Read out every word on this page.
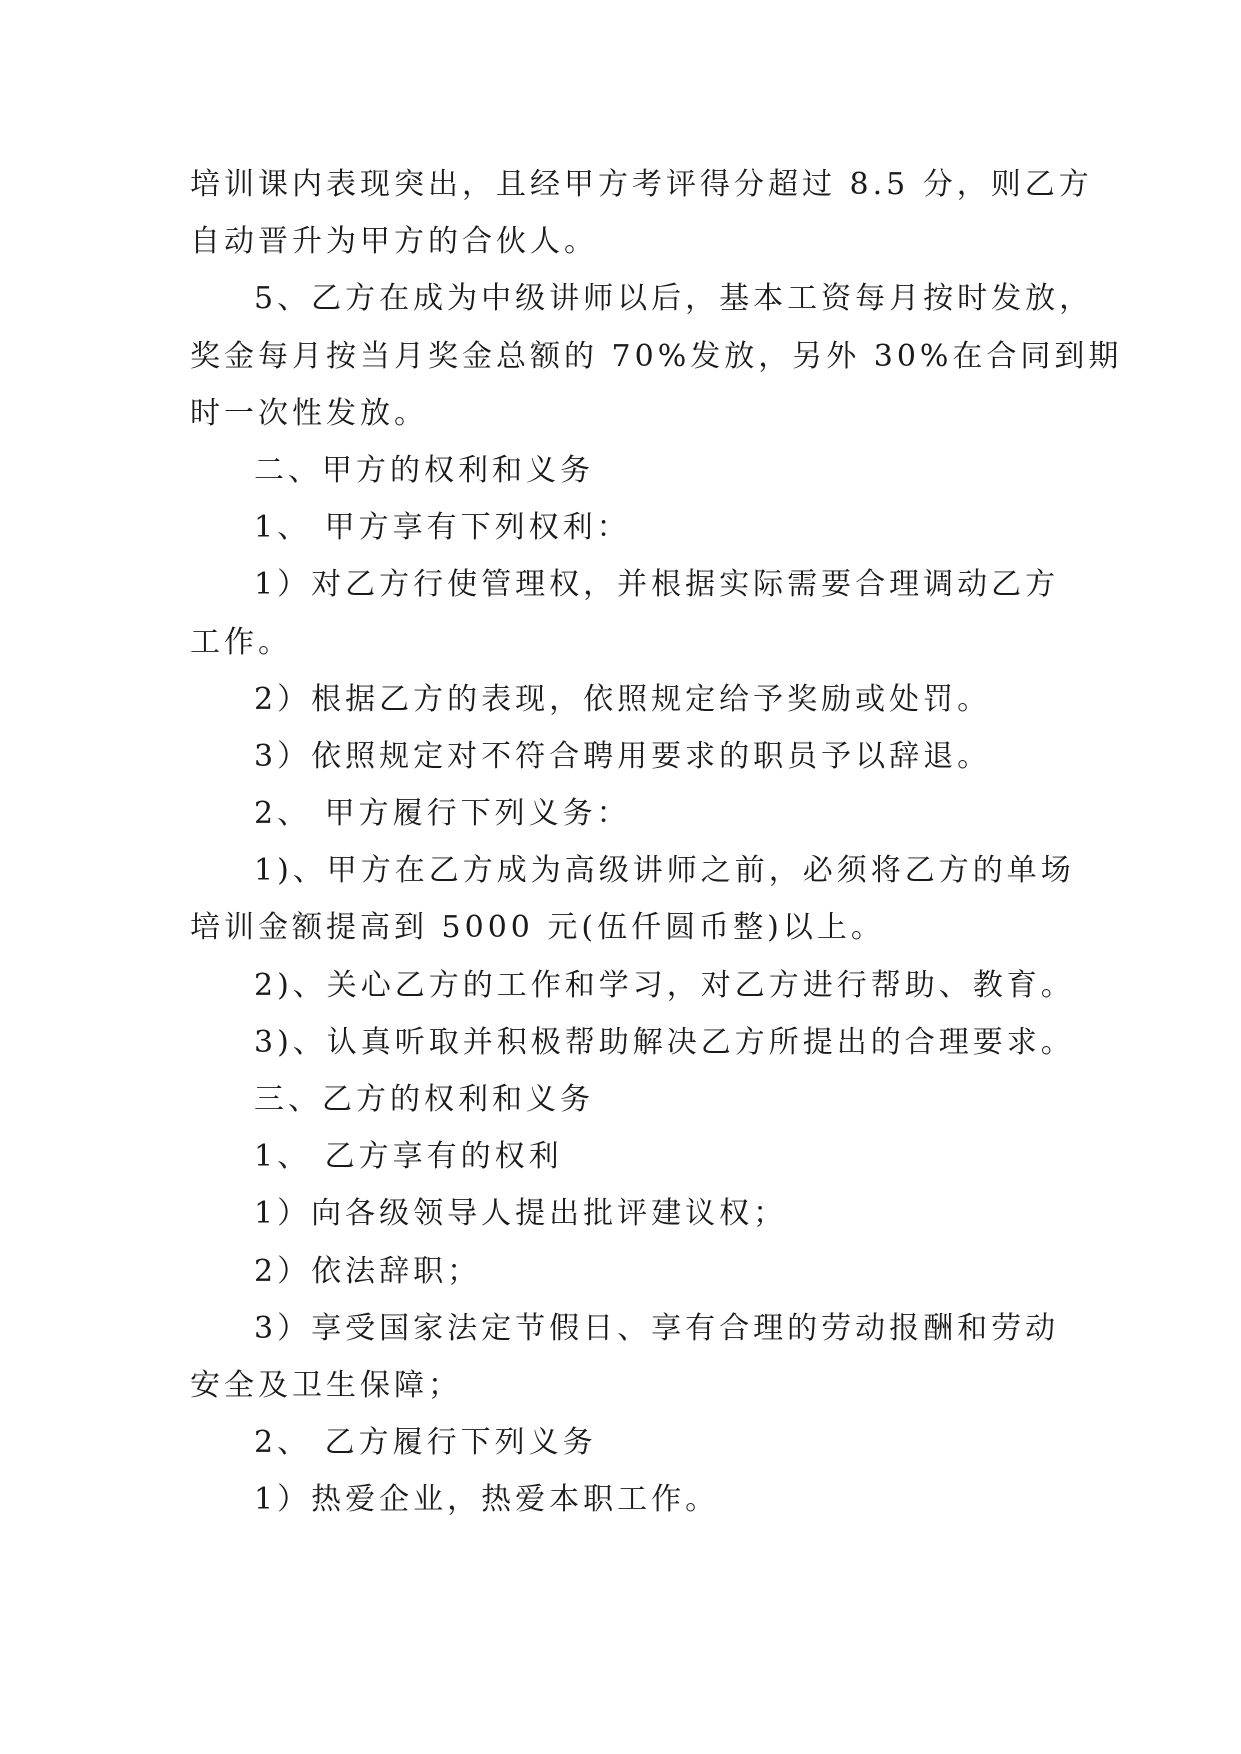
培训课内表现突出，且经甲方考评得分超过 8.5 分，则乙方
自动晋升为甲方的合伙人。
5、乙方在成为中级讲师以后，基本工资每月按时发放，
奖金每月按当月奖金总额的 70%发放，另外 30%在合同到期
时一次性发放。
二、甲方的权利和义务
1、 甲方享有下列权利：
1）对乙方行使管理权，并根据实际需要合理调动乙方
工作。
2）根据乙方的表现，依照规定给予奖励或处罚。
3）依照规定对不符合聘用要求的职员予以辞退。
2、 甲方履行下列义务：
1)、甲方在乙方成为高级讲师之前，必须将乙方的单场
培训金额提高到 5000 元(伍仟圆币整)以上。
2)、关心乙方的工作和学习，对乙方进行帮助、教育。
3)、认真听取并积极帮助解决乙方所提出的合理要求。
三、乙方的权利和义务
1、 乙方享有的权利
1）向各级领导人提出批评建议权；
2）依法辞职；
3）享受国家法定节假日、享有合理的劳动报酬和劳动
安全及卫生保障；
2、 乙方履行下列义务
1）热爱企业，热爱本职工作。
